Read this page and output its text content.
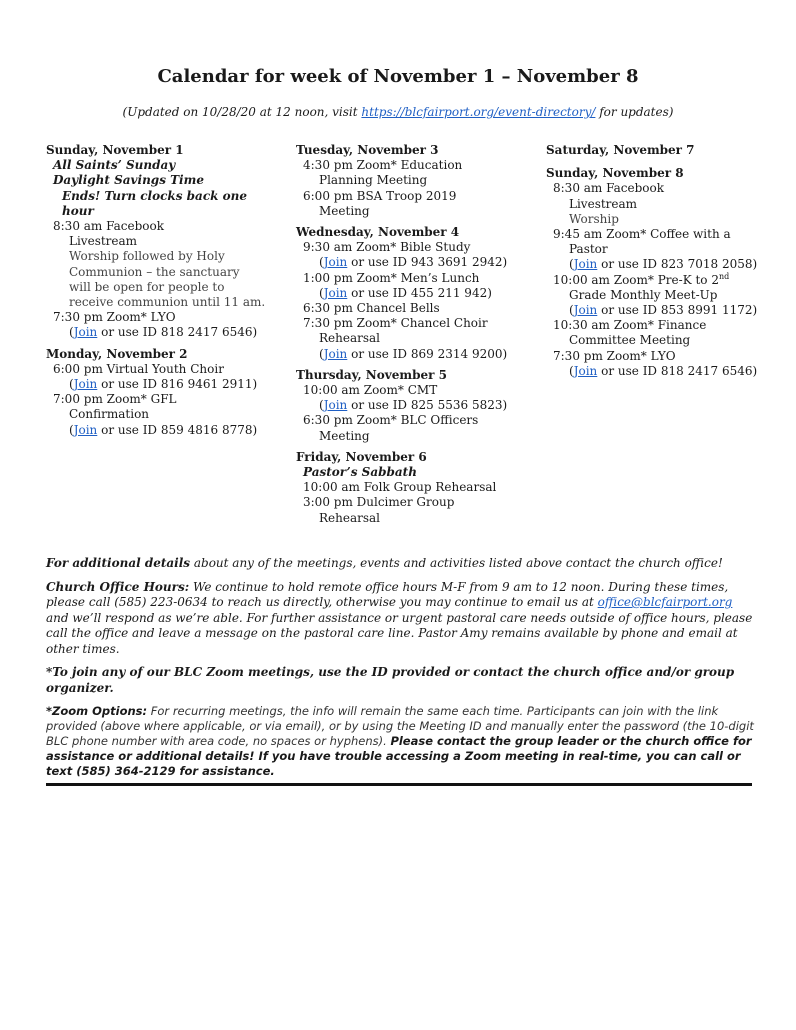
Calendar for week of November 1 – November 8
(Updated on 10/28/20 at 12 noon, visit https://blcfairport.org/event-directory/ for updates)
Sunday, November 1
All Saints’ Sunday
Daylight Savings Time
Ends! Turn clocks back one
hour
8:30 am Facebook
Livestream
Worship followed by Holy
Communion – the sanctuary
will be open for people to
receive communion until 11 am.
7:30 pm Zoom* LYO
(Join or use ID 818 2417 6546)
Monday, November 2
6:00 pm Virtual Youth Choir
(Join or use ID 816 9461 2911)
7:00 pm Zoom* GFL
Confirmation
(Join or use ID 859 4816 8778)
Tuesday, November 3
4:30 pm Zoom* Education
Planning Meeting
6:00 pm BSA Troop 2019
Meeting
Wednesday, November 4
9:30 am Zoom* Bible Study
(Join or use ID 943 3691 2942)
1:00 pm Zoom* Men’s Lunch
(Join or use ID 455 211 942)
6:30 pm Chancel Bells
7:30 pm Zoom* Chancel Choir
Rehearsal
(Join or use ID 869 2314 9200)
Thursday, November 5
10:00 am Zoom* CMT
(Join or use ID 825 5536 5823)
6:30 pm Zoom* BLC Officers
Meeting
Friday, November 6
Pastor’s Sabbath
10:00 am Folk Group Rehearsal
3:00 pm Dulcimer Group
Rehearsal
Saturday, November 7
Sunday, November 8
8:30 am Facebook
Livestream
Worship
9:45 am Zoom* Coffee with a
Pastor
(Join or use ID 823 7018 2058)
10:00 am Zoom* Pre-K to 2nd
Grade Monthly Meet-Up
(Join or use ID 853 8991 1172)
10:30 am Zoom* Finance
Committee Meeting
7:30 pm Zoom* LYO
(Join or use ID 818 2417 6546)

For additional details about any of the meetings, events and activities listed above contact the church office!

Church Office Hours: We continue to hold remote office hours M-F from 9 am to 12 noon. During these times, please call (585) 223-0634 to reach us directly, otherwise you may continue to email us at office@blcfairport.org and we’ll respond as we’re able. For further assistance or urgent pastoral care needs outside of office hours, please call the office and leave a message on the pastoral care line. Pastor Amy remains available by phone and email at other times.

*To join any of our BLC Zoom meetings, use the ID provided or contact the church office and/or group organizer.

*Zoom Options: For recurring meetings, the info will remain the same each time. Participants can join with the link provided (above where applicable, or via email), or by using the Meeting ID and manually enter the password (the 10-digit BLC phone number with area code, no spaces or hyphens). Please contact the group leader or the church office for assistance or additional details! If you have trouble accessing a Zoom meeting in real-time, you can call or text (585) 364-2129 for assistance.
